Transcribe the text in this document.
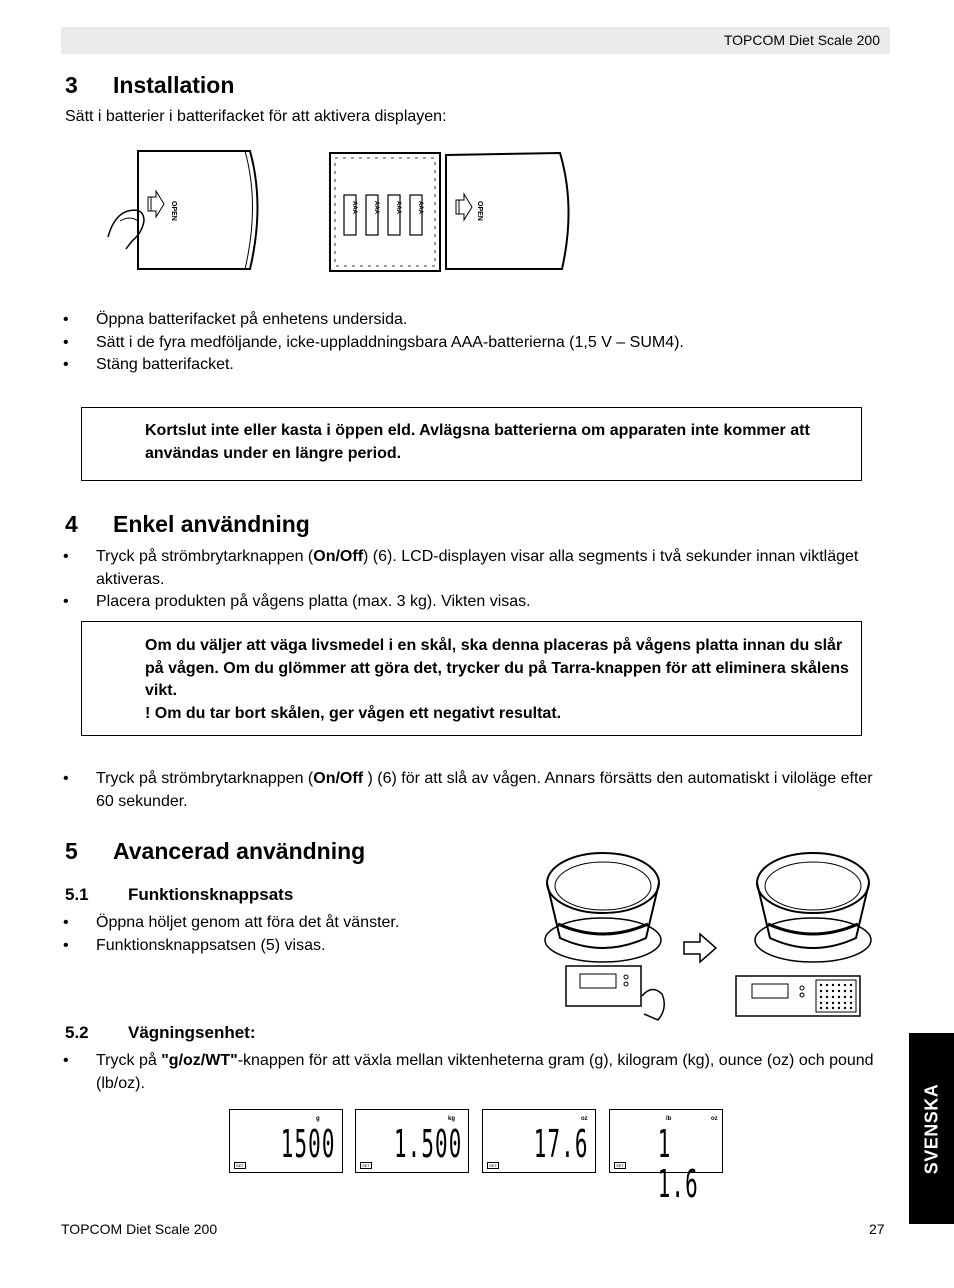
TOPCOM Diet Scale 200
3 Installation
Sätt i batterier i batterifacket för att aktivera displayen:
OPEN	AAA	AAA	AAA	AAA	OPEN
• Öppna batterifacket på enhetens undersida.
• Sätt i de fyra medföljande, icke-uppladdningsbara AAA-batterierna (1,5 V – SUM4).
• Stäng batterifacket.
Kortslut inte eller kasta i öppen eld. Avlägsna batterierna om apparaten inte kommer att användas under en längre period.
4 Enkel användning
• Tryck på strömbrytarknappen (On/Off) (6). LCD-displayen visar alla segments i två sekunder innan viktläget aktiveras.
• Placera produkten på vågens platta (max. 3 kg). Vikten visas.
Om du väljer att väga livsmedel i en skål, ska denna placeras på vågens platta innan du slår på vågen. Om du glömmer att göra det, trycker du på Tarra-knappen för att eliminera skålens vikt.
! Om du tar bort skålen, ger vågen ett negativt resultat.
• Tryck på strömbrytarknappen (On/Off ) (6) för att slå av vågen. Annars försätts den automatiskt i viloläge efter 60 sekunder.
5 Avancerad användning
5.1 Funktionsknappsats
• Öppna höljet genom att föra det åt vänster.
• Funktionsknappsatsen (5) visas.
5.2 Vägningsenhet:
• Tryck på "g/oz/WT"-knappen för att växla mellan viktenheterna gram (g), kilogram (kg), ounce (oz) och pound (lb/oz).
g
1500
SET
kg
1.500
SET
oz
17.6
SET
lb oz
1 1.6
SET	SVENSKA
TOPCOM Diet Scale 200	27
